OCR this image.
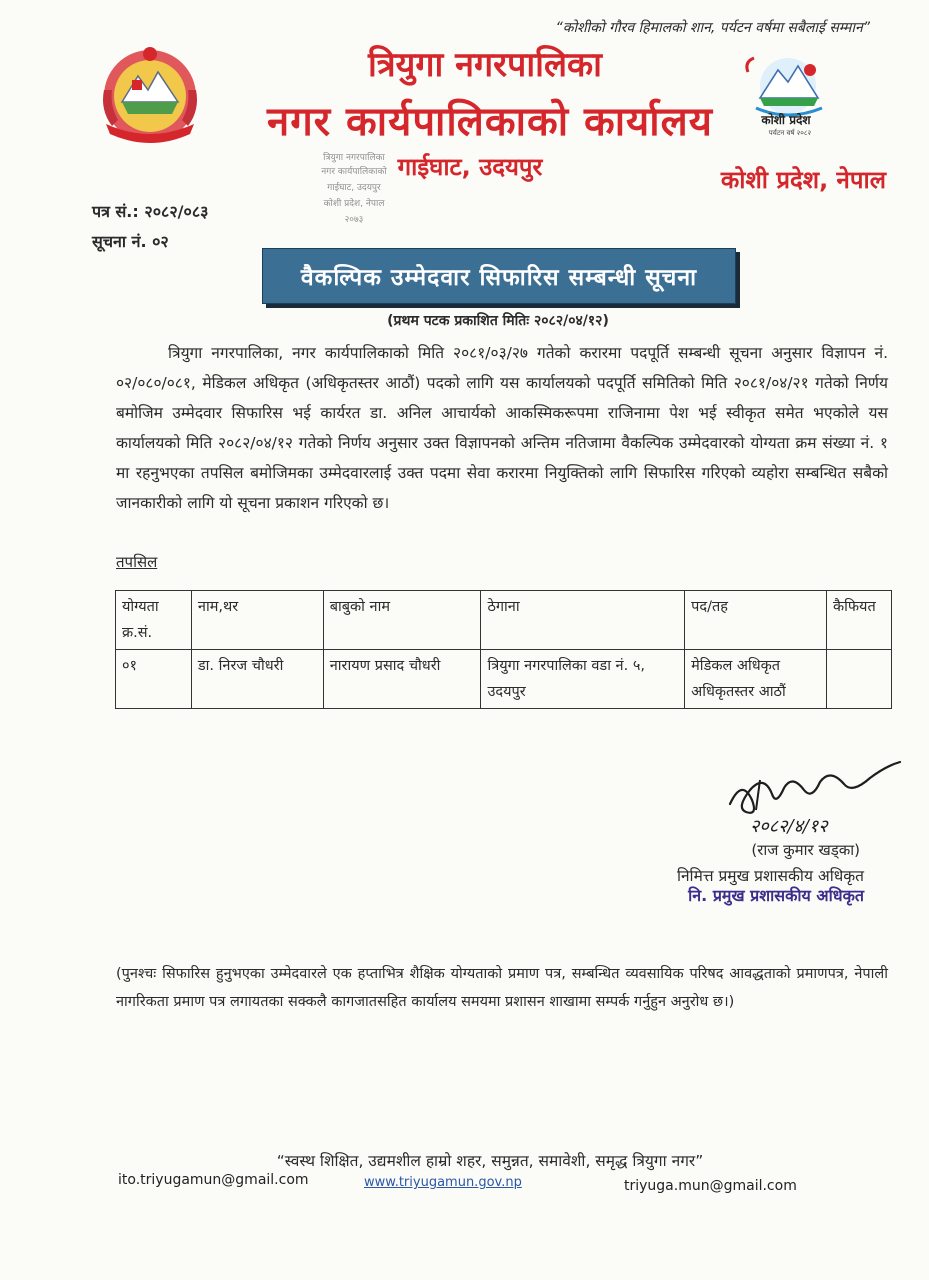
“कोशीको गौरव हिमालको शान, पर्यटन वर्षमा सबैलाई सम्मान”
कोशी प्रदेश
पर्यटन वर्ष २०८२
त्रियुगा नगरपालिका
नगर कार्यपालिकाको कार्यालय
गाईघाट, उदयपुर	कोशी प्रदेश, नेपाल
त्रियुगा नगरपालिका
नगर कार्यपालिकाको
गाईघाट, उदयपुर
कोशी प्रदेश, नेपाल
२०७३
पत्र सं.: २०८२/०८३
सूचना नं. ०२
वैकल्पिक उम्मेदवार सिफारिस सम्बन्धी सूचना
(प्रथम पटक प्रकाशित मितिः २०८२/०४/१२)
त्रियुगा नगरपालिका, नगर कार्यपालिकाको मिति २०८१/०३/२७ गतेको करारमा पदपूर्ति सम्बन्धी सूचना अनुसार विज्ञापन नं. ०२/०८०/०८१, मेडिकल अधिकृत (अधिकृतस्तर आठौं) पदको लागि यस कार्यालयको पदपूर्ति समितिको मिति २०८१/०४/२१ गतेको निर्णय बमोजिम उम्मेदवार सिफारिस भई कार्यरत डा. अनिल आचार्यको आकस्मिकरूपमा राजिनामा पेश भई स्वीकृत समेत भएकोले यस कार्यालयको मिति २०८२/०४/१२ गतेको निर्णय अनुसार उक्त विज्ञापनको अन्तिम नतिजामा वैकल्पिक उम्मेदवारको योग्यता क्रम संख्या नं. १ मा रहनुभएका तपसिल बमोजिमका उम्मेदवारलाई उक्त पदमा सेवा करारमा नियुक्तिको लागि सिफारिस गरिएको व्यहोरा सम्बन्धित सबैको जानकारीको लागि यो सूचना प्रकाशन गरिएको छ।
तपसिल
योग्यता क्र.सं.	नाम,थर	बाबुको नाम	ठेगाना	पद/तह	कैफियत
०१	डा. निरज चौधरी	नारायण प्रसाद चौधरी	त्रियुगा नगरपालिका वडा नं. ५, उदयपुर	मेडिकल अधिकृत अधिकृतस्तर आठौं	
२०८२/४/१२
(राज कुमार खड्का)
निमित्त प्रमुख प्रशासकीय अधिकृत
नि. प्रमुख प्रशासकीय अधिकृत
(पुनश्चः सिफारिस हुनुभएका उम्मेदवारले एक हप्ताभित्र शैक्षिक योग्यताको प्रमाण पत्र, सम्बन्धित व्यवसायिक परिषद आवद्धताको प्रमाणपत्र, नेपाली नागरिकता प्रमाण पत्र लगायतका सक्कलै कागजातसहित कार्यालय समयमा प्रशासन शाखामा सम्पर्क गर्नुहुन अनुरोध छ।)
“स्वस्थ शिक्षित, उद्यमशील हाम्रो शहर, समुन्नत, समावेशी, समृद्ध त्रियुगा नगर”
ito.triyugamun@gmail.com	www.triyugamun.gov.np	triyuga.mun@gmail.com
